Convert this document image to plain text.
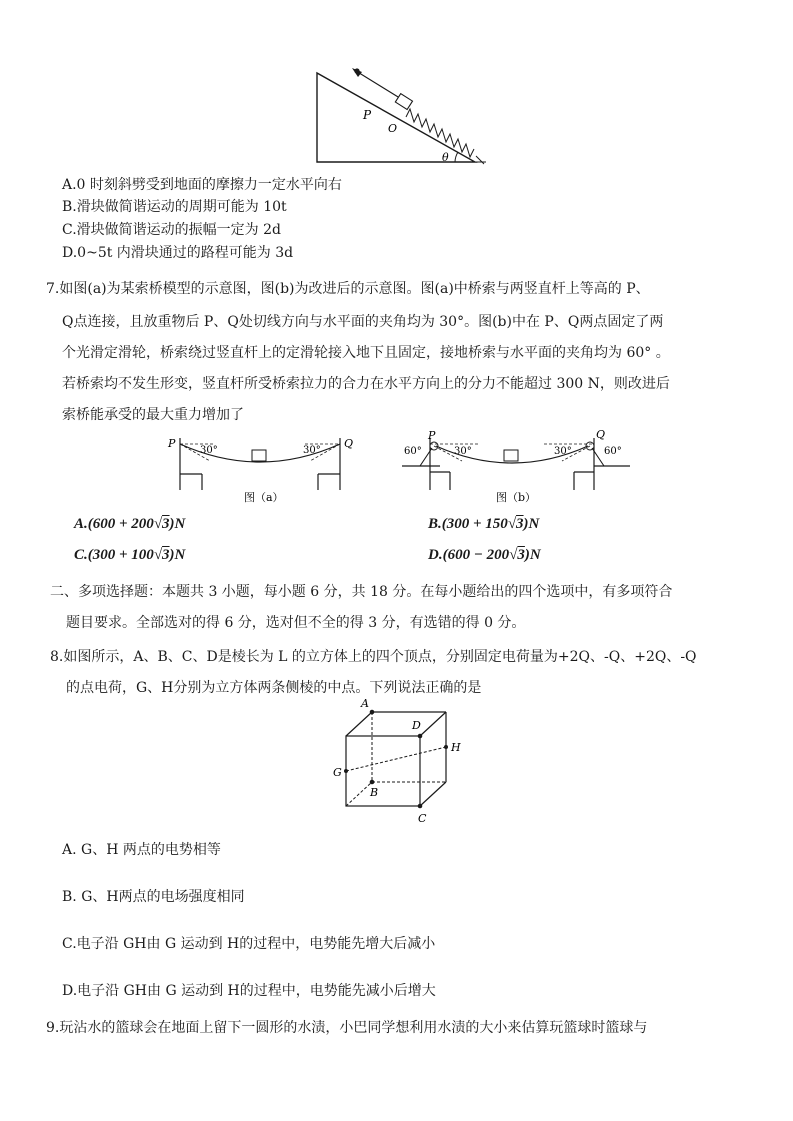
P
O
θ
A.0 时刻斜劈受到地面的摩擦力一定水平向右
B.滑块做简谐运动的周期可能为 10t
C.滑块做简谐运动的振幅一定为 2d
D.0~5t 内滑块通过的路程可能为 3d
7.如图(a)为某索桥模型的示意图，图(b)为改进后的示意图。图(a)中桥索与两竖直杆上等高的 P、
Q点连接，且放重物后 P、Q处切线方向与水平面的夹角均为 30°。图(b)中在 P、Q两点固定了两
个光滑定滑轮，桥索绕过竖直杆上的定滑轮接入地下且固定，接地桥索与水平面的夹角均为 60° 。
若桥索均不发生形变，竖直杆所受桥索拉力的合力在水平方向上的分力不能超过 300 N，则改进后
索桥能承受的最大重力增加了
P	Q
30°	30°
图（a）
P	Q
60°	30°	30°	60°
图（b）
A.(600 + 200√3)N	B.(300 + 150√3)N
C.(300 + 100√3)N	D.(600 − 200√3)N
二、多项选择题：本题共 3 小题，每小题 6 分，共 18 分。在每小题给出的四个选项中，有多项符合
题目要求。全部选对的得 6 分，选对但不全的得 3 分，有选错的得 0 分。
8.如图所示，A、B、C、D是棱长为 L 的立方体上的四个顶点，分别固定电荷量为+2Q、-Q、+2Q、-Q
的点电荷，G、H分别为立方体两条侧棱的中点。下列说法正确的是
A
D
H
G
B
C
A. G、H 两点的电势相等
B. G、H两点的电场强度相同
C.电子沿 GH由 G 运动到 H的过程中，电势能先增大后减小
D.电子沿 GH由 G 运动到 H的过程中，电势能先减小后增大
9.玩沾水的篮球会在地面上留下一圆形的水渍，小巴同学想利用水渍的大小来估算玩篮球时篮球与
